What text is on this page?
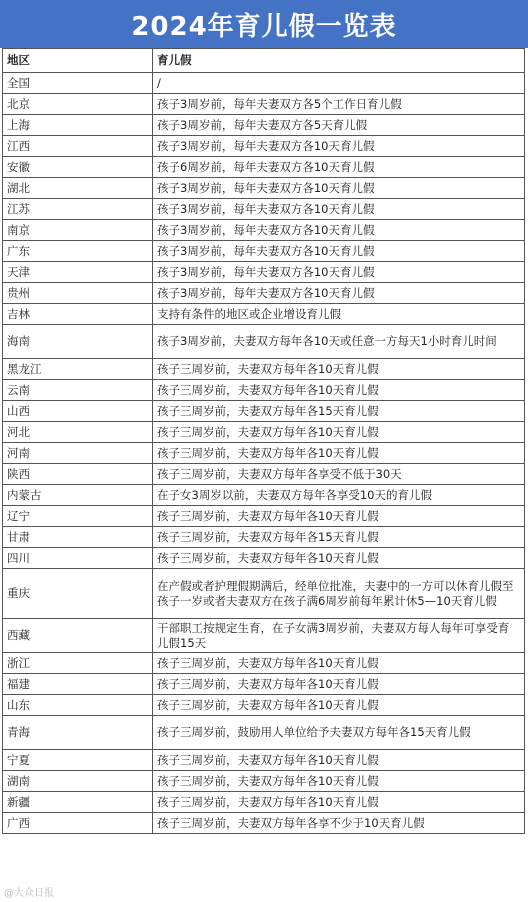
2024年育儿假一览表
地区	育儿假
全国	/
北京	孩子3周岁前，每年夫妻双方各5个工作日育儿假
上海	孩子3周岁前，每年夫妻双方各5天育儿假
江西	孩子3周岁前，每年夫妻双方各10天育儿假
安徽	孩子6周岁前，每年夫妻双方各10天育儿假
湖北	孩子3周岁前，每年夫妻双方各10天育儿假
江苏	孩子3周岁前，每年夫妻双方各10天育儿假
南京	孩子3周岁前，每年夫妻双方各10天育儿假
广东	孩子3周岁前，每年夫妻双方各10天育儿假
天津	孩子3周岁前，每年夫妻双方各10天育儿假
贵州	孩子3周岁前，每年夫妻双方各10天育儿假
吉林	支持有条件的地区或企业增设育儿假
海南	孩子3周岁前，夫妻双方每年各10天或任意一方每天1小时育儿时间
黑龙江	孩子三周岁前，夫妻双方每年各10天育儿假
云南	孩子三周岁前，夫妻双方每年各10天育儿假
山西	孩子三周岁前，夫妻双方每年各15天育儿假
河北	孩子三周岁前，夫妻双方每年各10天育儿假
河南	孩子三周岁前，夫妻双方每年各10天育儿假
陕西	孩子三周岁前，夫妻双方每年各享受不低于30天
内蒙古	在子女3周岁以前，夫妻双方每年各享受10天的育儿假
辽宁	孩子三周岁前，夫妻双方每年各10天育儿假
甘肃	孩子三周岁前，夫妻双方每年各15天育儿假
四川	孩子三周岁前，夫妻双方每年各10天育儿假
重庆	在产假或者护理假期满后，经单位批准，夫妻中的一方可以休育儿假至孩子一岁或者夫妻双方在孩子满6周岁前每年累计休5—10天育儿假
西藏	干部职工按规定生育，在子女满3周岁前，夫妻双方每人每年可享受育儿假15天
浙江	孩子三周岁前，夫妻双方每年各10天育儿假
福建	孩子三周岁前，夫妻双方每年各10天育儿假
山东	孩子三周岁前，夫妻双方每年各10天育儿假
青海	孩子三周岁前，鼓励用人单位给予夫妻双方每年各15天育儿假
宁夏	孩子三周岁前，夫妻双方每年各10天育儿假
湖南	孩子三周岁前，夫妻双方每年各10天育儿假
新疆	孩子三周岁前，夫妻双方每年各10天育儿假
广西	孩子三周岁前，夫妻双方每年各享不少于10天育儿假
@大众日报
